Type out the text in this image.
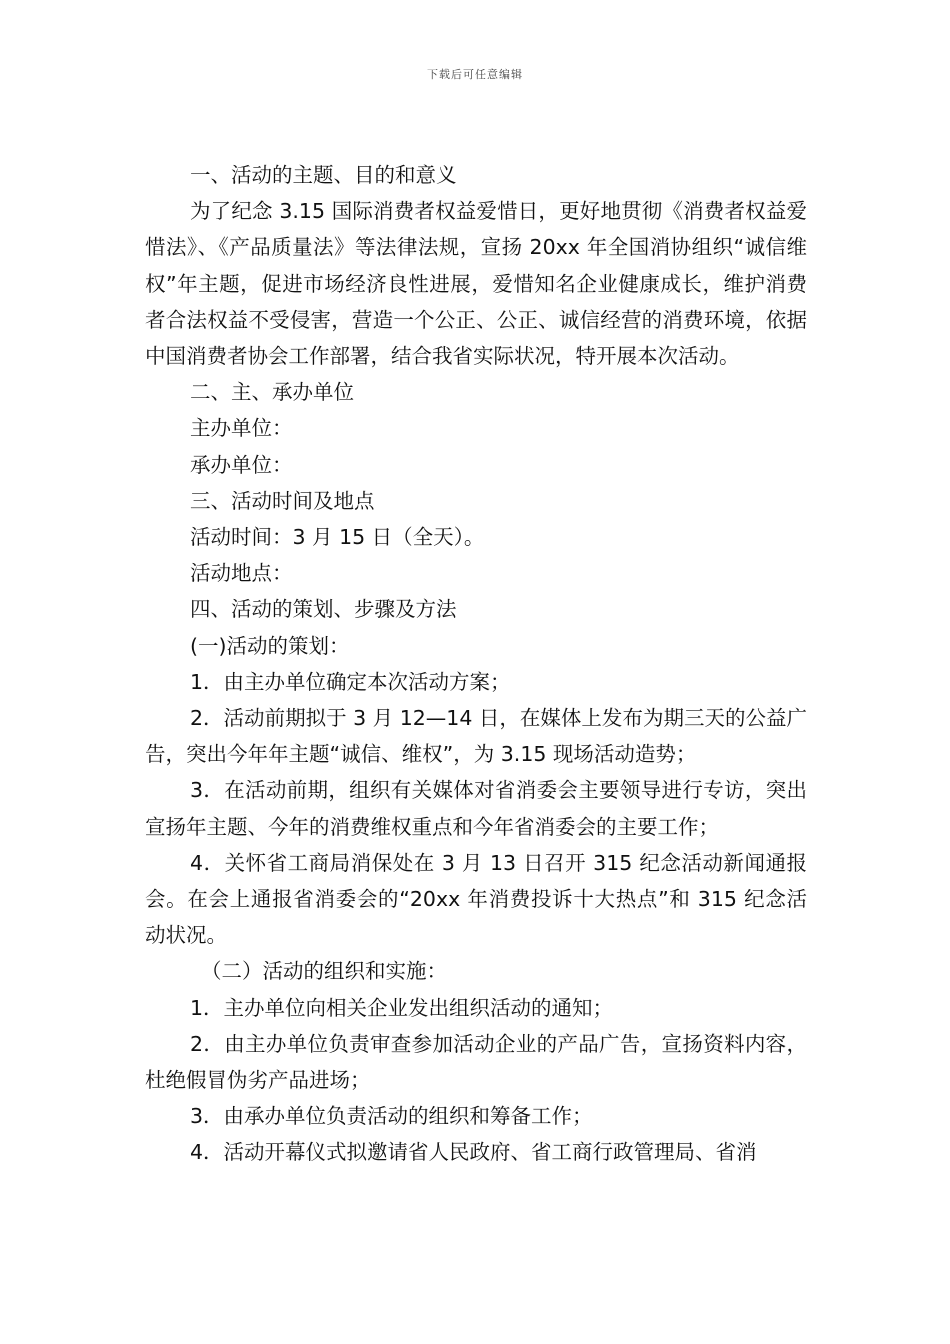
下载后可任意编辑

一、活动的主题、目的和意义

为了纪念 3.15 国际消费者权益爱惜日，更好地贯彻《消费者权益爱惜法》、《产品质量法》等法律法规，宣扬 20xx 年全国消协组织“诚信维权”年主题，促进市场经济良性进展，爱惜知名企业健康成长，维护消费者合法权益不受侵害，营造一个公正、公正、诚信经营的消费环境，依据中国消费者协会工作部署，结合我省实际状况，特开展本次活动。

二、主、承办单位

主办单位：

承办单位：

三、活动时间及地点

活动时间：3 月 15 日（全天）。

活动地点：

四、活动的策划、步骤及方法

(一)活动的策划：

1．由主办单位确定本次活动方案；

2．活动前期拟于 3 月 12—14 日，在媒体上发布为期三天的公益广告，突出今年年主题“诚信、维权”，为 3.15 现场活动造势；

3．在活动前期，组织有关媒体对省消委会主要领导进行专访，突出宣扬年主题、今年的消费维权重点和今年省消委会的主要工作；

4．关怀省工商局消保处在 3 月 13 日召开 315 纪念活动新闻通报会。在会上通报省消委会的“20xx 年消费投诉十大热点”和 315 纪念活动状况。

（二）活动的组织和实施：

1．主办单位向相关企业发出组织活动的通知；

2．由主办单位负责审查参加活动企业的产品广告，宣扬资料内容，杜绝假冒伪劣产品进场；

3．由承办单位负责活动的组织和筹备工作；

4．活动开幕仪式拟邀请省人民政府、省工商行政管理局、省消
